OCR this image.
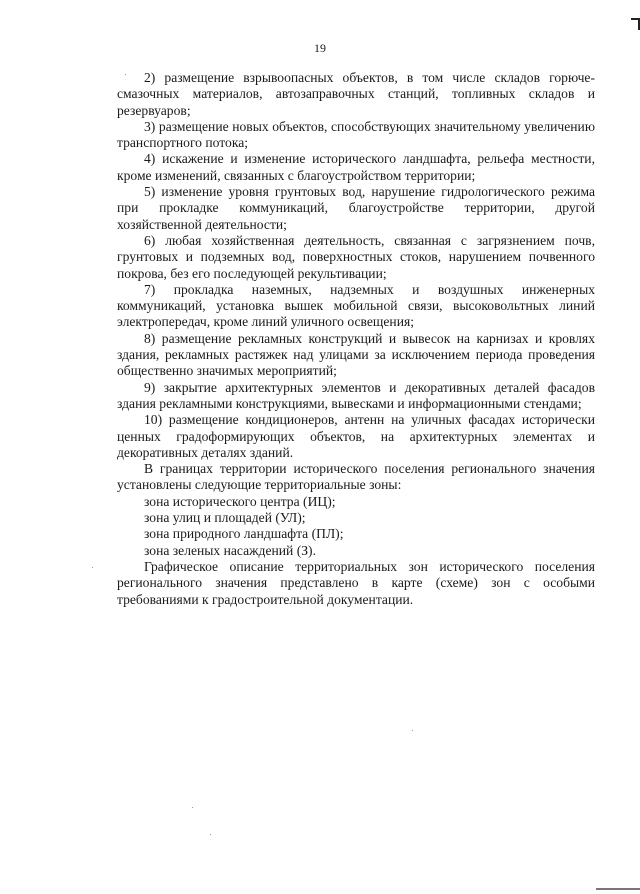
19

2) размещение взрывоопасных объектов, в том числе складов горюче-смазочных материалов, автозаправочных станций, топливных складов и резервуаров;

3) размещение новых объектов, способствующих значительному увеличению транспортного потока;

4) искажение и изменение исторического ландшафта, рельефа местности, кроме изменений, связанных с благоустройством территории;

5) изменение уровня грунтовых вод, нарушение гидрологического режима при прокладке коммуникаций, благоустройстве территории, другой хозяйственной деятельности;

6) любая хозяйственная деятельность, связанная с загрязнением почв, грунтовых и подземных вод, поверхностных стоков, нарушением почвенного покрова, без его последующей рекультивации;

7) прокладка наземных, надземных и воздушных инженерных коммуникаций, установка вышек мобильной связи, высоковольтных линий электропередач, кроме линий уличного освещения;

8) размещение рекламных конструкций и вывесок на карнизах и кровлях здания, рекламных растяжек над улицами за исключением периода проведения общественно значимых мероприятий;

9) закрытие архитектурных элементов и декоративных деталей фасадов здания рекламными конструкциями, вывесками и информационными стендами;

10) размещение кондиционеров, антенн на уличных фасадах исторически ценных градоформирующих объектов, на архитектурных элементах и декоративных деталях зданий.

В границах территории исторического поселения регионального значения установлены следующие территориальные зоны:

зона исторического центра (ИЦ);
зона улиц и площадей (УЛ);
зона природного ландшафта (ПЛ);
зона зеленых насаждений (З).

Графическое описание территориальных зон исторического поселения регионального значения представлено в карте (схеме) зон с особыми требованиями к градостроительной документации.
